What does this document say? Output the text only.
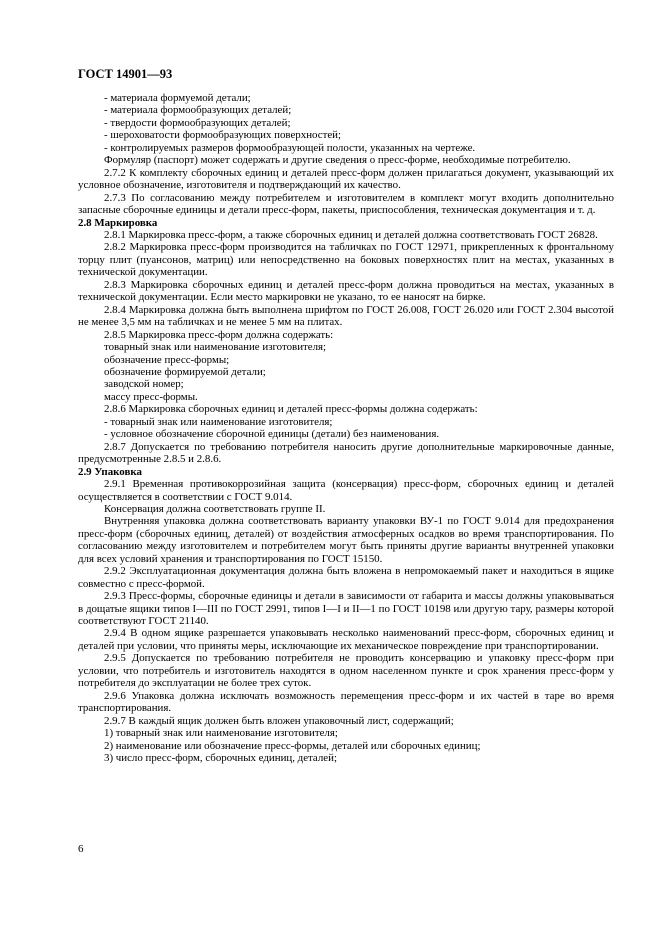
ГОСТ 14901—93

- материала формуемой детали;

- материала формообразующих деталей;

- твердости формообразующих деталей;

- шероховатости формообразующих поверхностей;

- контролируемых размеров формообразующей полости, указанных на чертеже.

Формуляр (паспорт) может содержать и другие сведения о пресс-форме, необходимые потребителю.

2.7.2 К комплекту сборочных единиц и деталей пресс-форм должен прилагаться документ, указывающий их условное обозначение, изготовителя и подтверждающий их качество.

2.7.3 По согласованию между потребителем и изготовителем в комплект могут входить дополнительно запасные сборочные единицы и детали пресс-форм, пакеты, приспособления, техническая документация и т. д.

2.8 Маркировка

2.8.1 Маркировка пресс-форм, а также сборочных единиц и деталей должна соответствовать ГОСТ 26828.

2.8.2 Маркировка пресс-форм производится на табличках по ГОСТ 12971, прикрепленных к фронтальному торцу плит (пуансонов, матриц) или непосредственно на боковых поверхностях плит на местах, указанных в технической документации.

2.8.3 Маркировка сборочных единиц и деталей пресс-форм должна проводиться на местах, указанных в технической документации. Если место маркировки не указано, то ее наносят на бирке.

2.8.4 Маркировка должна быть выполнена шрифтом по ГОСТ 26.008, ГОСТ 26.020 или ГОСТ 2.304 высотой не менее 3,5 мм на табличках и не менее 5 мм на плитах.

2.8.5 Маркировка пресс-форм должна содержать:

товарный знак или наименование изготовителя;

обозначение пресс-формы;

обозначение формируемой детали;

заводской номер;

массу пресс-формы.

2.8.6 Маркировка сборочных единиц и деталей пресс-формы должна содержать:

- товарный знак или наименование изготовителя;

- условное обозначение сборочной единицы (детали) без наименования.

2.8.7 Допускается по требованию потребителя наносить другие дополнительные маркировочные данные, предусмотренные 2.8.5 и 2.8.6.

2.9 Упаковка

2.9.1 Временная противокоррозийная защита (консервация) пресс-форм, сборочных единиц и деталей осуществляется в соответствии с ГОСТ 9.014.

Консервация должна соответствовать группе II.

Внутренняя упаковка должна соответствовать варианту упаковки ВУ-1 по ГОСТ 9.014 для предохранения пресс-форм (сборочных единиц, деталей) от воздействия атмосферных осадков во время транспортирования. По согласованию между изготовителем и потребителем могут быть приняты другие варианты внутренней упаковки для всех условий хранения и транспортирования по ГОСТ 15150.

2.9.2 Эксплуатационная документация должна быть вложена в непромокаемый пакет и находиться в ящике совместно с пресс-формой.

2.9.3 Пресс-формы, сборочные единицы и детали в зависимости от габарита и массы должны упаковываться в дощатые ящики типов I—III по ГОСТ 2991, типов I—I и II—1 по ГОСТ 10198 или другую тару, размеры которой соответствуют ГОСТ 21140.

2.9.4 В одном ящике разрешается упаковывать несколько наименований пресс-форм, сборочных единиц и деталей при условии, что приняты меры, исключающие их механическое повреждение при транспортировании.

2.9.5 Допускается по требованию потребителя не проводить консервацию и упаковку пресс-форм при условии, что потребитель и изготовитель находятся в одном населенном пункте и срок хранения пресс-форм у потребителя до эксплуатации не более трех суток.

2.9.6 Упаковка должна исключать возможность перемещения пресс-форм и их частей в таре во время транспортирования.

2.9.7 В каждый ящик должен быть вложен упаковочный лист, содержащий;

1) товарный знак или наименование изготовителя;

2) наименование или обозначение пресс-формы, деталей или сборочных единиц;

3) число пресс-форм, сборочных единиц, деталей;

6
